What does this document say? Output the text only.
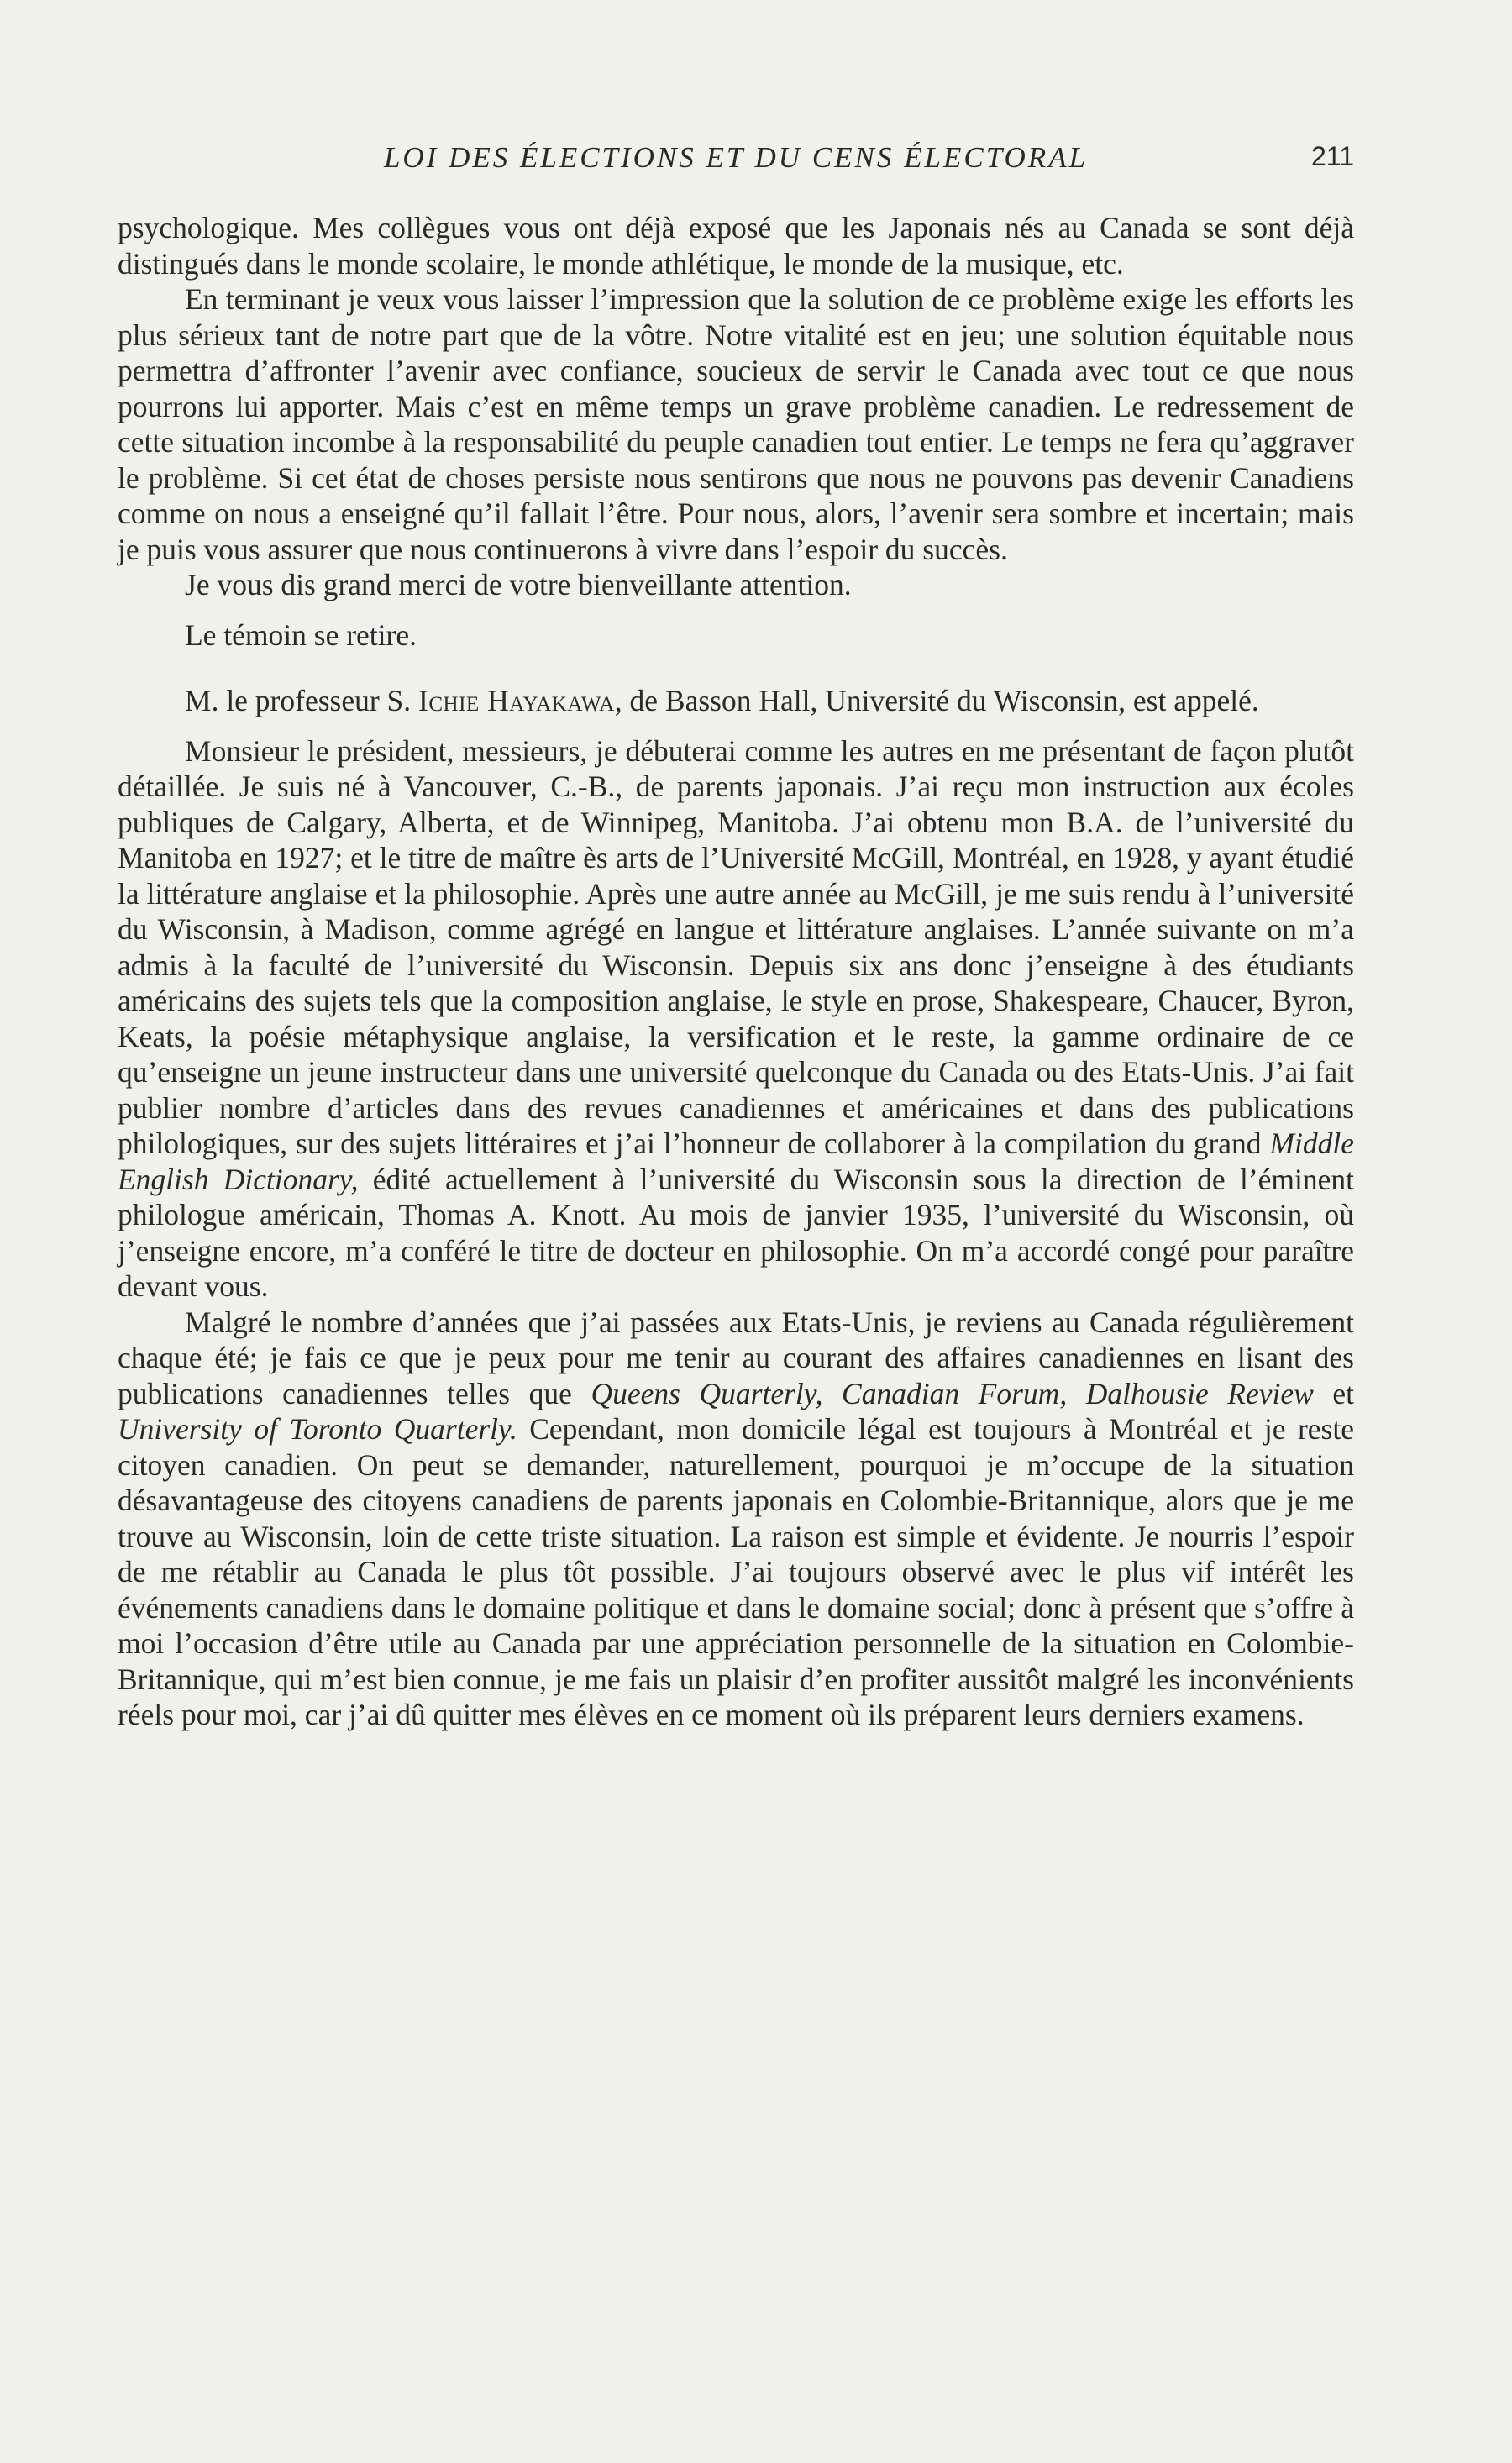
LOI DES ÉLECTIONS ET DU CENS ÉLECTORAL	211

psychologique. Mes collègues vous ont déjà exposé que les Japonais nés au Canada se sont déjà distingués dans le monde scolaire, le monde athlétique, le monde de la musique, etc.

En terminant je veux vous laisser l’impression que la solution de ce problème exige les efforts les plus sérieux tant de notre part que de la vôtre. Notre vitalité est en jeu; une solution équitable nous permettra d’affronter l’avenir avec confiance, soucieux de servir le Canada avec tout ce que nous pourrons lui apporter. Mais c’est en même temps un grave problème canadien. Le redressement de cette situation incombe à la responsabilité du peuple canadien tout entier. Le temps ne fera qu’aggraver le problème. Si cet état de choses persiste nous sentirons que nous ne pouvons pas devenir Canadiens comme on nous a enseigné qu’il fallait l’être. Pour nous, alors, l’avenir sera sombre et incertain; mais je puis vous assurer que nous continuerons à vivre dans l’espoir du succès.

Je vous dis grand merci de votre bienveillante attention.

Le témoin se retire.

M. le professeur S. Ichie Hayakawa, de Basson Hall, Université du Wisconsin, est appelé.

Monsieur le président, messieurs, je débuterai comme les autres en me présentant de façon plutôt détaillée. Je suis né à Vancouver, C.-B., de parents japonais. J’ai reçu mon instruction aux écoles publiques de Calgary, Alberta, et de Winnipeg, Manitoba. J’ai obtenu mon B.A. de l’université du Manitoba en 1927; et le titre de maître ès arts de l’Université McGill, Montréal, en 1928, y ayant étudié la littérature anglaise et la philosophie. Après une autre année au McGill, je me suis rendu à l’université du Wisconsin, à Madison, comme agrégé en langue et littérature anglaises. L’année suivante on m’a admis à la faculté de l’université du Wisconsin. Depuis six ans donc j’enseigne à des étudiants américains des sujets tels que la composition anglaise, le style en prose, Shakespeare, Chaucer, Byron, Keats, la poésie métaphysique anglaise, la versification et le reste, la gamme ordinaire de ce qu’enseigne un jeune instructeur dans une université quelconque du Canada ou des Etats-Unis. J’ai fait publier nombre d’articles dans des revues canadiennes et américaines et dans des publications philologiques, sur des sujets littéraires et j’ai l’honneur de collaborer à la compilation du grand Middle English Dictionary, édité actuellement à l’université du Wisconsin sous la direction de l’éminent philologue américain, Thomas A. Knott. Au mois de janvier 1935, l’université du Wisconsin, où j’enseigne encore, m’a conféré le titre de docteur en philosophie. On m’a accordé congé pour paraître devant vous.

Malgré le nombre d’années que j’ai passées aux Etats-Unis, je reviens au Canada régulièrement chaque été; je fais ce que je peux pour me tenir au courant des affaires canadiennes en lisant des publications canadiennes telles que Queens Quarterly, Canadian Forum, Dalhousie Review et University of Toronto Quarterly. Cependant, mon domicile légal est toujours à Montréal et je reste citoyen canadien. On peut se demander, naturellement, pourquoi je m’occupe de la situation désavantageuse des citoyens canadiens de parents japonais en Colombie-Britannique, alors que je me trouve au Wisconsin, loin de cette triste situation. La raison est simple et évidente. Je nourris l’espoir de me rétablir au Canada le plus tôt possible. J’ai toujours observé avec le plus vif intérêt les événements canadiens dans le domaine politique et dans le domaine social; donc à présent que s’offre à moi l’occasion d’être utile au Canada par une appréciation personnelle de la situation en Colombie-Britannique, qui m’est bien connue, je me fais un plaisir d’en profiter aussitôt malgré les inconvénients réels pour moi, car j’ai dû quitter mes élèves en ce moment où ils préparent leurs derniers examens.
